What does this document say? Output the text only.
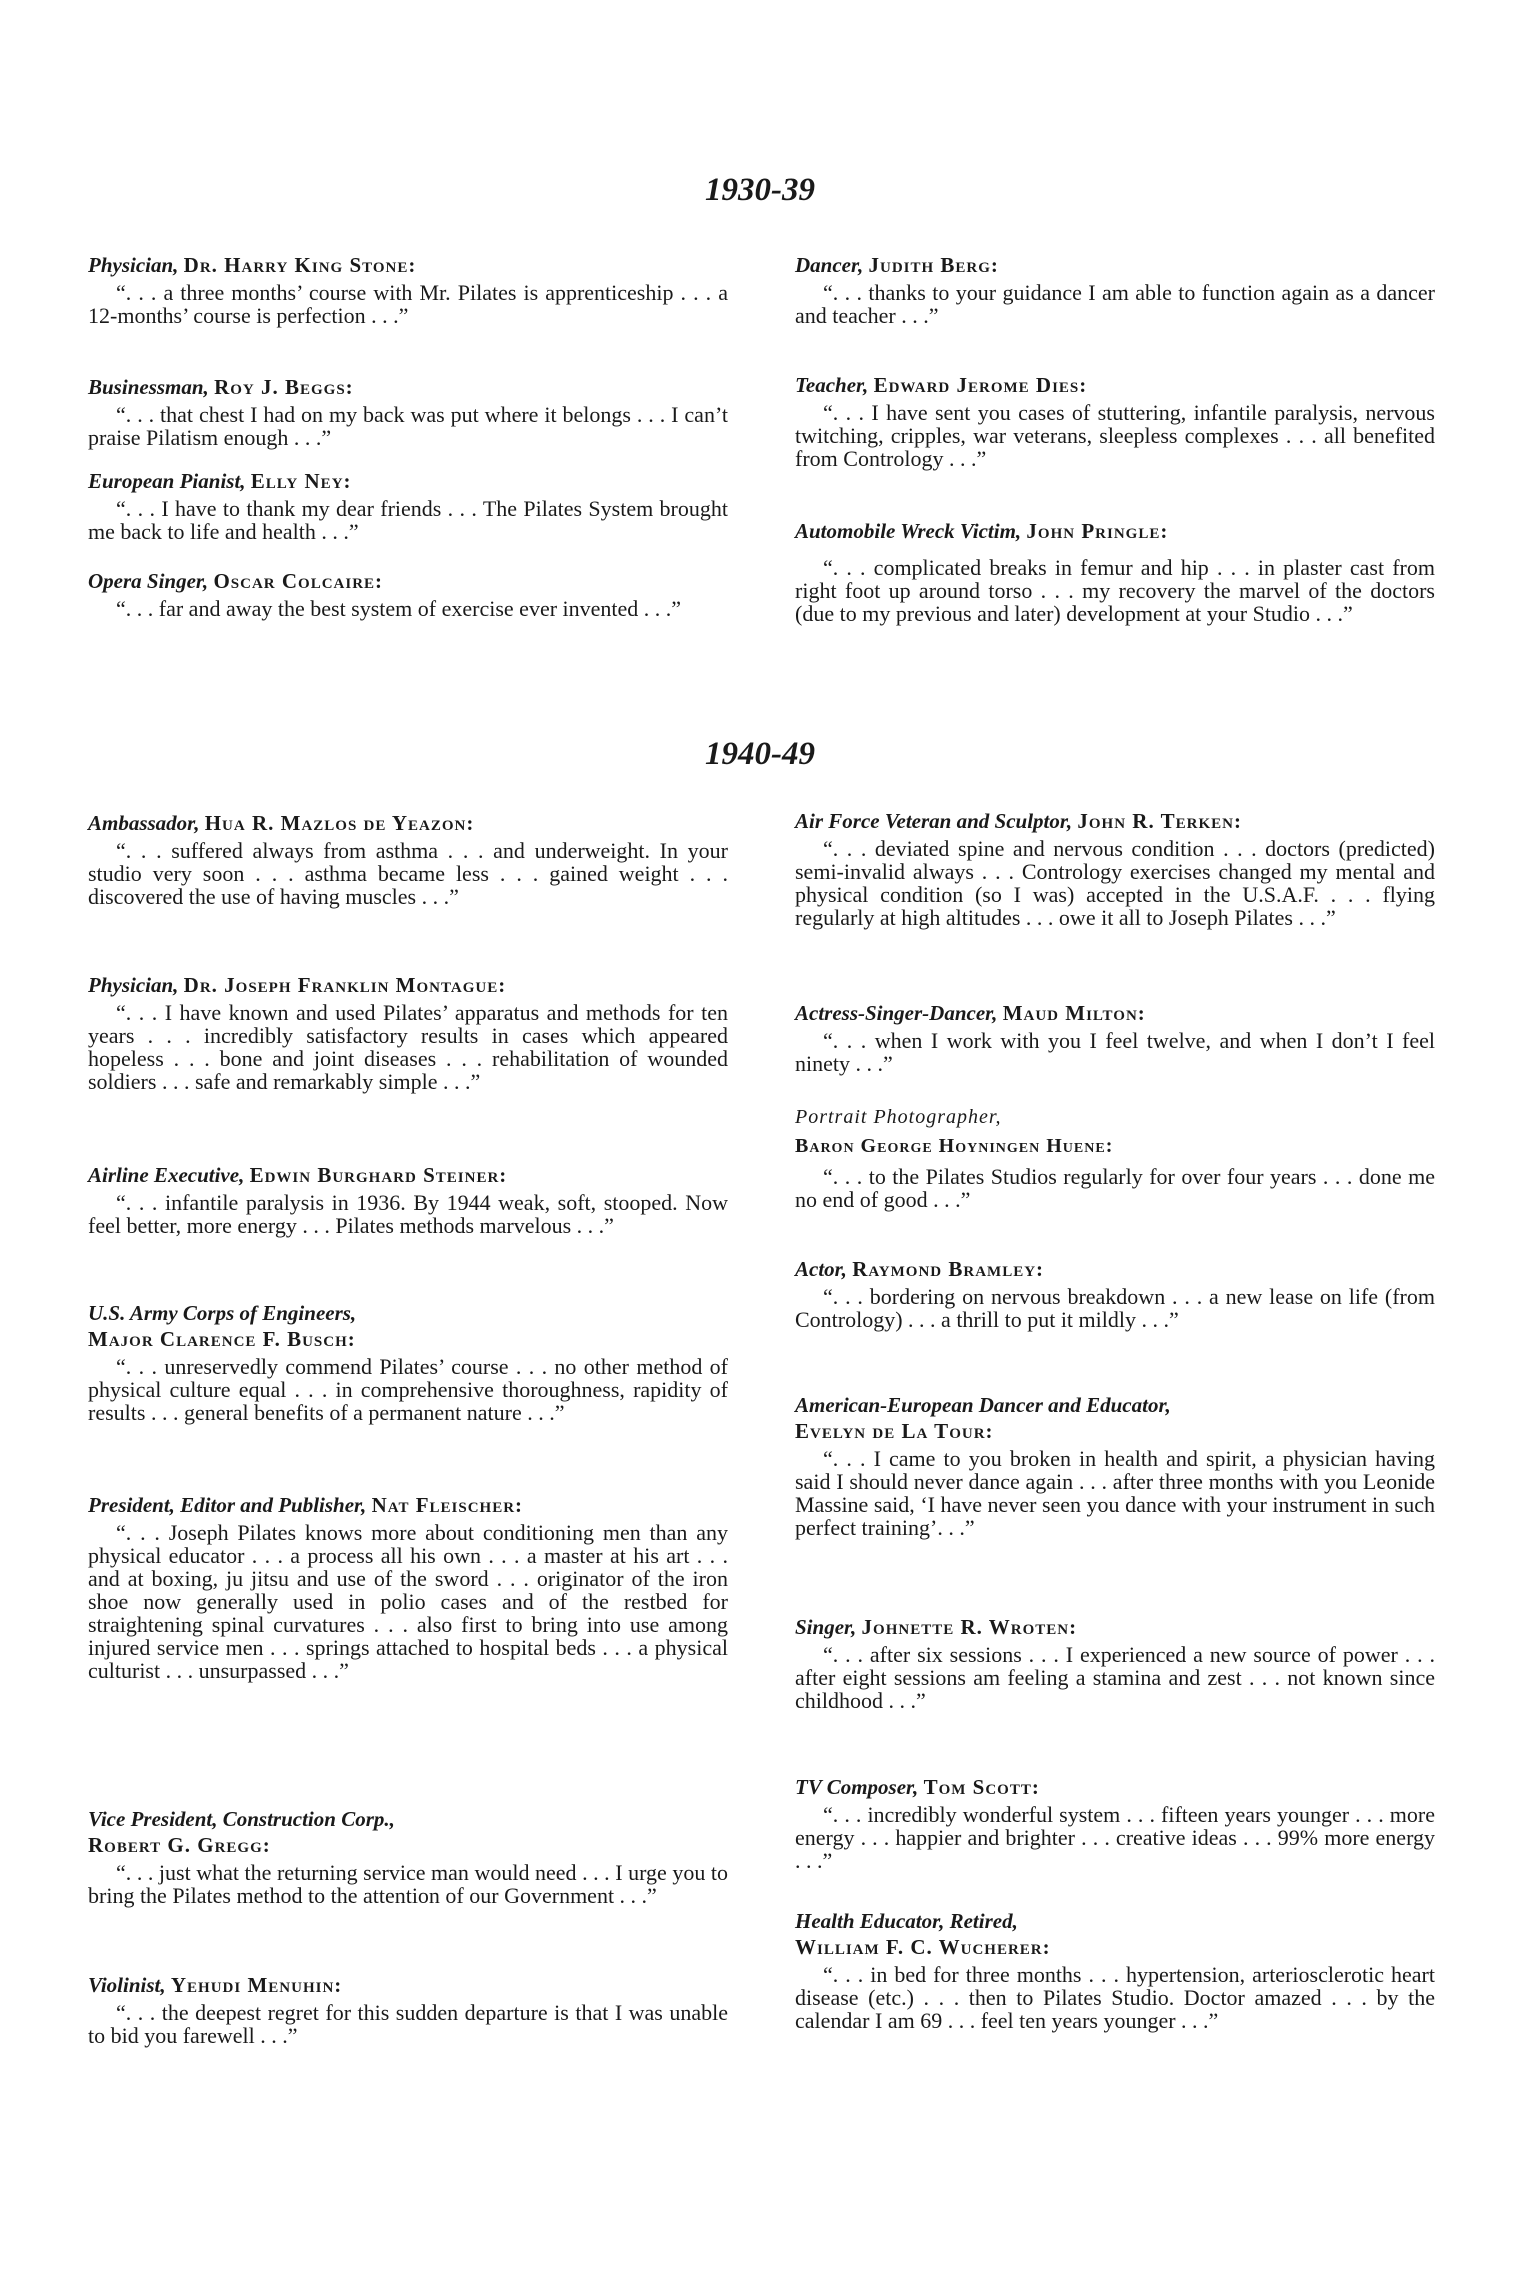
1930-39

Physician, Dr. Harry King Stone:

“. . . a three months’ course with Mr. Pilates is apprenticeship . . . a 12-months’ course is perfection . . .”

Businessman, Roy J. Beggs:

“. . . that chest I had on my back was put where it belongs . . . I can’t praise Pilatism enough . . .”

European Pianist, Elly Ney:

“. . . I have to thank my dear friends . . . The Pilates System brought me back to life and health . . .”

Opera Singer, Oscar Colcaire:

“. . . far and away the best system of exercise ever invented . . .”

Dancer, Judith Berg:

“. . . thanks to your guidance I am able to function again as a dancer and teacher . . .”

Teacher, Edward Jerome Dies:

“. . . I have sent you cases of stuttering, infantile paralysis, nervous twitching, cripples, war veterans, sleepless complexes . . . all benefited from Contrology . . .”

Automobile Wreck Victim, John Pringle:

“. . . complicated breaks in femur and hip . . . in plaster cast from right foot up around torso . . . my recovery the marvel of the doctors (due to my previous and later) development at your Studio . . .”

1940-49

Ambassador, Hua R. Mazlos de Yeazon:

“. . . suffered always from asthma . . . and underweight. In your studio very soon . . . asthma became less . . . gained weight . . . discovered the use of having muscles . . .”

Physician, Dr. Joseph Franklin Montague:

“. . . I have known and used Pilates’ apparatus and methods for ten years . . . incredibly satisfactory results in cases which appeared hopeless . . . bone and joint diseases . . . rehabilitation of wounded soldiers . . . safe and remarkably simple . . .”

Airline Executive, Edwin Burghard Steiner:

“. . . infantile paralysis in 1936. By 1944 weak, soft, stooped. Now feel better, more energy . . . Pilates methods marvelous . . .”

U.S. Army Corps of Engineers,
Major Clarence F. Busch:

“. . . unreservedly commend Pilates’ course . . . no other method of physical culture equal . . . in comprehensive thoroughness, rapidity of results . . . general benefits of a permanent nature . . .”

President, Editor and Publisher, Nat Fleischer:

“. . . Joseph Pilates knows more about conditioning men than any physical educator . . . a process all his own . . . a master at his art . . . and at boxing, ju jitsu and use of the sword . . . originator of the iron shoe now generally used in polio cases and of the restbed for straightening spinal curvatures . . . also first to bring into use among injured service men . . . springs attached to hospital beds . . . a physical culturist . . . unsurpassed . . .”

Vice President, Construction Corp.,
Robert G. Gregg:

“. . . just what the returning service man would need . . . I urge you to bring the Pilates method to the attention of our Government . . .”

Violinist, Yehudi Menuhin:

“. . . the deepest regret for this sudden departure is that I was unable to bid you farewell . . .”

Air Force Veteran and Sculptor, John R. Terken:

“. . . deviated spine and nervous condition . . . doctors (predicted) semi-invalid always . . . Contrology exercises changed my mental and physical condition (so I was) accepted in the U.S.A.F. . . . flying regularly at high altitudes . . . owe it all to Joseph Pilates . . .”

Actress-Singer-Dancer, Maud Milton:

“. . . when I work with you I feel twelve, and when I don’t I feel ninety . . .”

Portrait Photographer,
Baron George Hoyningen Huene:

“. . . to the Pilates Studios regularly for over four years . . . done me no end of good . . .”

Actor, Raymond Bramley:

“. . . bordering on nervous breakdown . . . a new lease on life (from Contrology) . . . a thrill to put it mildly . . .”

American-European Dancer and Educator,
Evelyn de La Tour:

“. . . I came to you broken in health and spirit, a physician having said I should never dance again . . . after three months with you Leonide Massine said, ‘I have never seen you dance with your instrument in such perfect training’. . .”

Singer, Johnette R. Wroten:

“. . . after six sessions . . . I experienced a new source of power . . . after eight sessions am feeling a stamina and zest . . . not known since childhood . . .”

TV Composer, Tom Scott:

“. . . incredibly wonderful system . . . fifteen years younger . . . more energy . . . happier and brighter . . . creative ideas . . . 99% more energy . . .”

Health Educator, Retired,
William F. C. Wucherer:

“. . . in bed for three months . . . hypertension, arteriosclerotic heart disease (etc.) . . . then to Pilates Studio. Doctor amazed . . . by the calendar I am 69 . . . feel ten years younger . . .”
